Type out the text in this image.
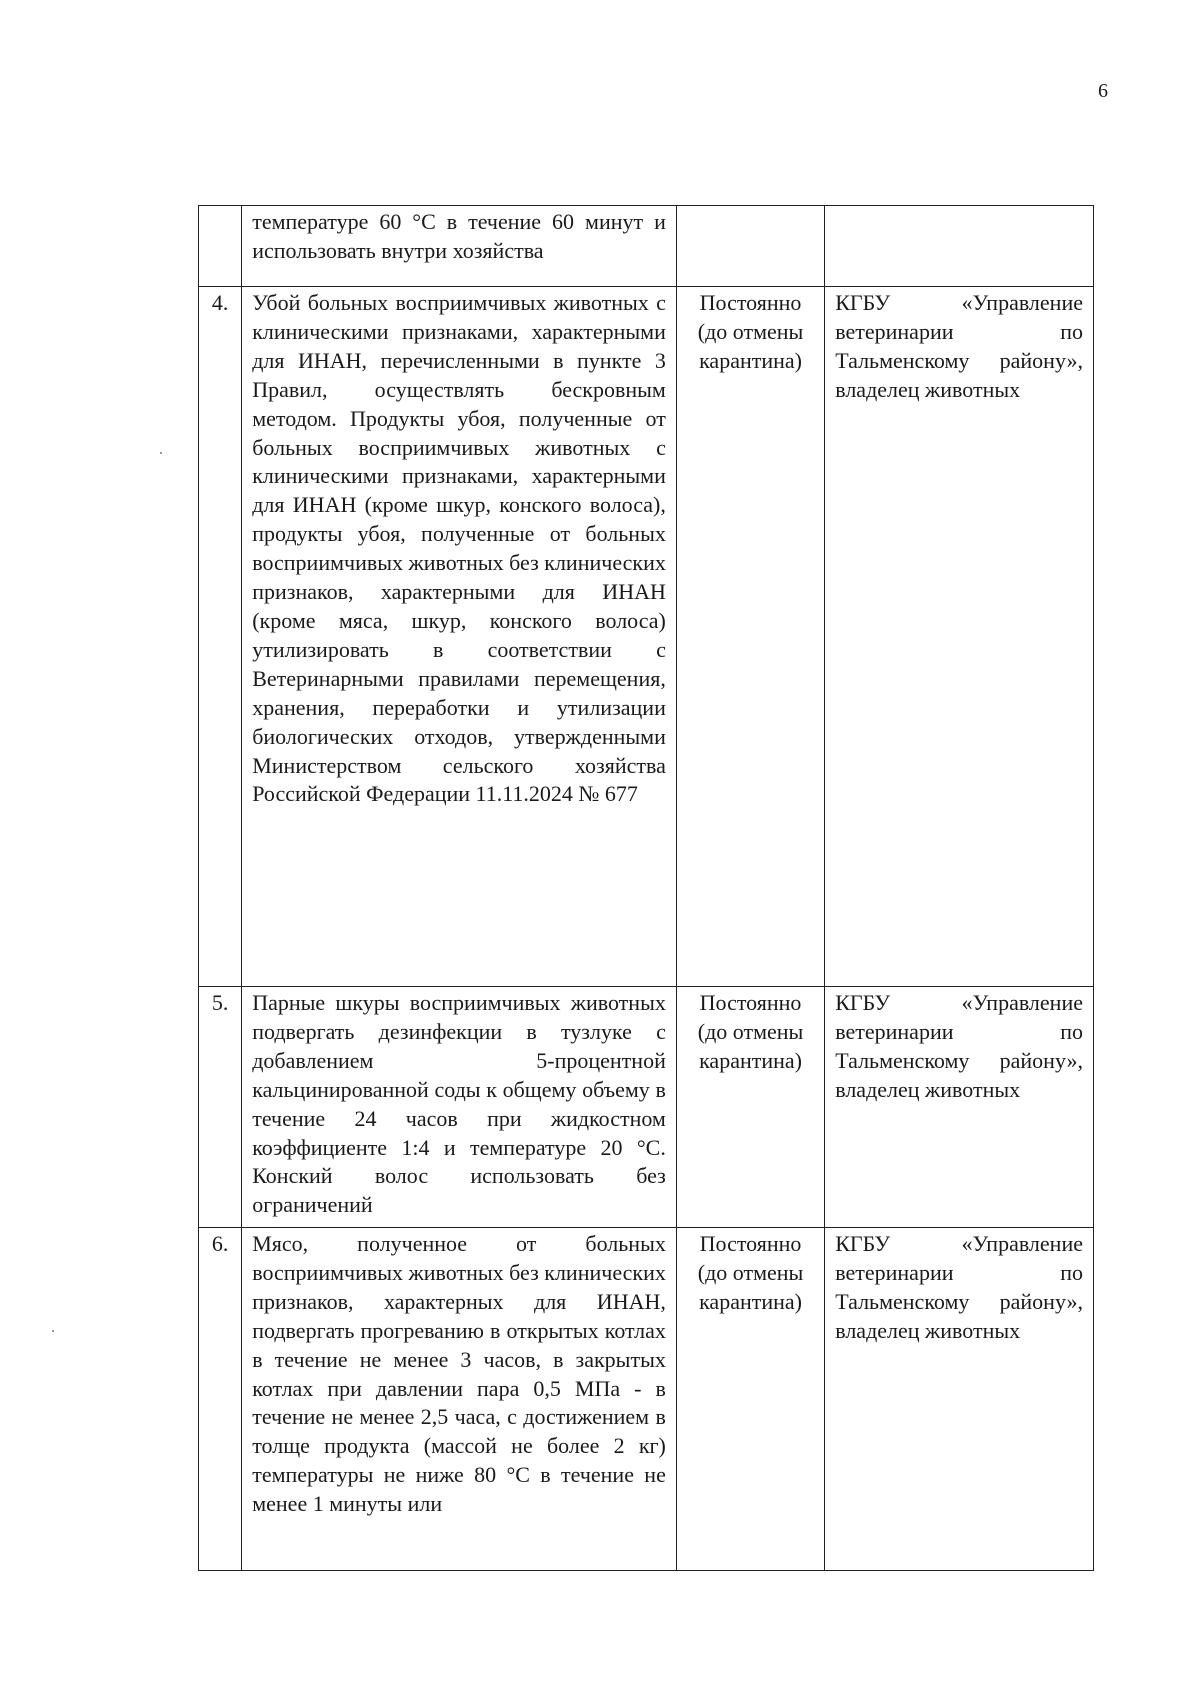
6
	температуре 60 °С в течение 60 минут и использовать внутри хозяйства		
4.	Убой больных восприимчивых животных с клиническими признаками, характерными для ИНАН, перечисленными в пункте 3 Правил, осуществлять бескровным методом. Продукты убоя, полученные от больных восприимчивых животных с клиническими признаками, характерными для ИНАН (кроме шкур, конского волоса), продукты убоя, полученные от больных восприимчивых животных без клинических признаков, характерными для ИНАН (кроме мяса, шкур, конского волоса) утилизировать в соответствии с Ветеринарными правилами перемещения, хранения, переработки и утилизации биологических отходов, утвержденными Министерством сельского хозяйства Российской Федерации 11.11.2024 № 677	Постоянно (до отмены карантина)	КГБУ «Управление ветеринарии по Тальменскому району», владелец животных
5.	Парные шкуры восприимчивых животных подвергать дезинфекции в тузлуке с добавлением 5-процентной кальцинированной соды к общему объему в течение 24 часов при жидкостном коэффициенте 1:4 и температуре 20 °С. Конский волос использовать без ограничений	Постоянно (до отмены карантина)	КГБУ «Управление ветеринарии по Тальменскому району», владелец животных
6.	Мясо, полученное от больных восприимчивых животных без клинических признаков, характерных для ИНАН, подвергать прогреванию в открытых котлах в течение не менее 3 часов, в закрытых котлах при давлении пара 0,5 МПа - в течение не менее 2,5 часа, с достижением в толще продукта (массой не более 2 кг) температуры не ниже 80 °С в течение не менее 1 минуты или	Постоянно (до отмены карантина)	КГБУ «Управление ветеринарии по Тальменскому району», владелец животных
